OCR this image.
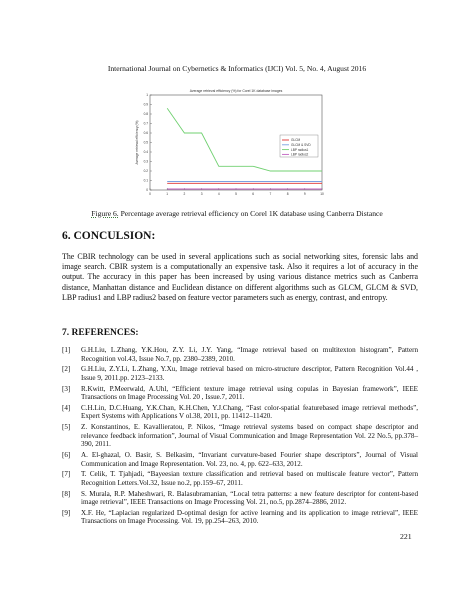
International Journal on Cybernetics & Informatics (IJCI) Vol. 5, No. 4, August 2016
Average retrieval efficiency (%) for Corel 1K database images
Average retrieval efficiency (%)
0
0.1
0.2
0.3
0.4
0.5
0.6
0.7
0.8
0.9
1
0	1	2	3	4	5	6	7	8	9	10
GLCM
GLCM & SVD
LBP radius1
LBP radius2
Figure 6. Percentage average retrieval efficiency on Corel 1K database using Canberra Distance
6. CONCULSION:
The CBIR technology can be used in several applications such as social networking sites, forensic labs and image search. CBIR system is a computationally an expensive task. Also it requires a lot of accuracy in the output. The accuracy in this paper has been increased by using various distance metrics such as Canberra distance, Manhattan distance and Euclidean distance on different algorithms such as GLCM, GLCM & SVD, LBP radius1 and LBP radius2 based on feature vector parameters such as energy, contrast, and entropy.
7. REFERENCES:
[1]	G.H.Liu, L.Zhang, Y.K.Hou, Z.Y. Li, J.Y. Yang, “Image retrieval based on multitexton histogram”, Pattern Recognition vol.43, Issue No.7, pp. 2380–2389, 2010.
[2]	G.H.Liu, Z.Y.Li, L.Zhang, Y.Xu, Image retrieval based on micro-structure descriptor, Pattern Recognition Vol.44 , Issue 9, 2011.pp. 2123–2133.
[3]	R.Kwitt, P.Meerwald, A.Uhl, “Efficient texture image retrieval using copulas in Bayesian framework”, IEEE Transactions on Image Processing Vol. 20 , Issue.7, 2011.
[4]	C.H.Lin, D.C.Huang, Y.K.Chan, K.H.Chen, Y.J.Chang, “Fast color-spatial featurebased image retrieval methods”, Expert Systems with Applications V ol.38, 2011, pp. 11412–11420.
[5]	Z. Konstantinos, E. Kavallieratou, P. Nikos, “Image retrieval systems based on compact shape descriptor and relevance feedback information”, Journal of Visual Communication and Image Representation Vol. 22 No.5, pp.378–390, 2011.
[6]	A. El-ghazal, O. Basir, S. Belkasim, “Invariant curvature-based Fourier shape descriptors”, Journal of Visual Communication and Image Representation. Vol. 23, no. 4, pp. 622–633, 2012.
[7]	T. Celik, T. Tjahjadi, “Bayeesian texture classification and retrieval based on multiscale feature vector”, Pattern Recognition Letters.Vol.32, Issue no.2, pp.159–67, 2011.
[8]	S. Murala, R.P. Maheshwari, R. Balasubramanian, “Local tetra patterns: a new feature descriptor for content-based image retrieval”, IEEE Transactions on Image Processing Vol. 21, no.5, pp.2874–2886, 2012.
[9]	X.F. He, “Laplacian regularized D-optimal design for active learning and its application to image retrieval”, IEEE Transactions on Image Processing. Vol. 19, pp.254–263, 2010.
221
